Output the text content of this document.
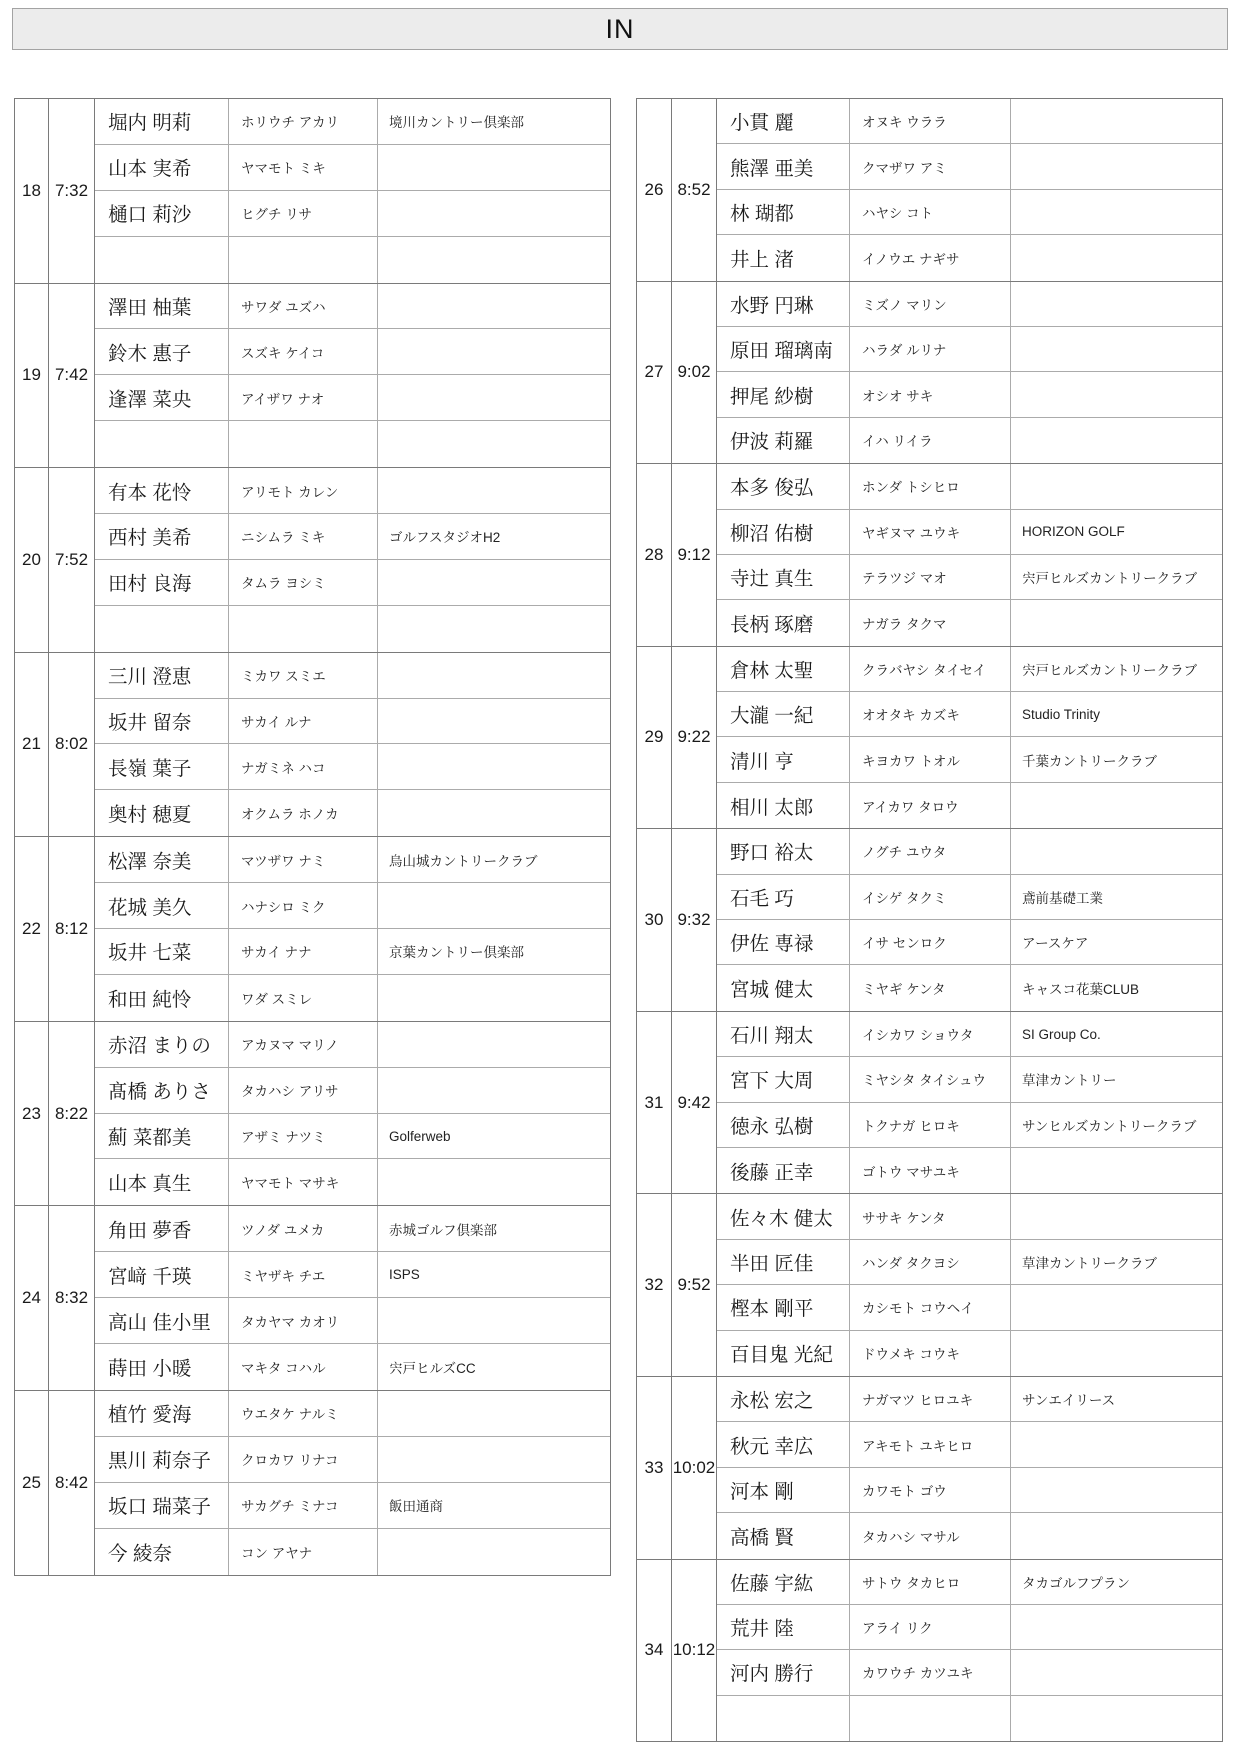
IN
18 7:32
堀内 明莉	ホリウチ アカリ	境川カントリー倶楽部
山本 実希	ヤマモト ミキ
樋口 莉沙	ヒグチ リサ
19 7:42
澤田 柚葉	サワダ ユズハ
鈴木 惠子	スズキ ケイコ
逢澤 菜央	アイザワ ナオ
20 7:52
有本 花怜	アリモト カレン
西村 美希	ニシムラ ミキ	ゴルフスタジオH2
田村 良海	タムラ ヨシミ
21 8:02
三川 澄恵	ミカワ スミエ
坂井 留奈	サカイ ルナ
長嶺 葉子	ナガミネ ハコ
奥村 穂夏	オクムラ ホノカ
22 8:12
松澤 奈美	マツザワ ナミ	烏山城カントリークラブ
花城 美久	ハナシロ ミク
坂井 七菜	サカイ ナナ	京葉カントリー倶楽部
和田 純怜	ワダ スミレ
23 8:22
赤沼 まりの	アカヌマ マリノ
髙橋 ありさ	タカハシ アリサ
薊 菜都美	アザミ ナツミ	Golferweb
山本 真生	ヤマモト マサキ
24 8:32
角田 夢香	ツノダ ユメカ	赤城ゴルフ倶楽部
宮﨑 千瑛	ミヤザキ チエ	ISPS
高山 佳小里	タカヤマ カオリ
蒔田 小暖	マキタ コハル	宍戸ヒルズCC
25 8:42
植竹 愛海	ウエタケ ナルミ
黒川 莉奈子	クロカワ リナコ
坂口 瑞菜子	サカグチ ミナコ	飯田通商
今 綾奈	コン アヤナ
26 8:52
小貫 麗	オヌキ ウララ
熊澤 亜美	クマザワ アミ
林 瑚都	ハヤシ コト
井上 渚	イノウエ ナギサ
27 9:02
水野 円琳	ミズノ マリン
原田 瑠璃南	ハラダ ルリナ
押尾 紗樹	オシオ サキ
伊波 莉羅	イハ リイラ
28 9:12
本多 俊弘	ホンダ トシヒロ
柳沼 佑樹	ヤギヌマ ユウキ	HORIZON GOLF
寺辻 真生	テラツジ マオ	宍戸ヒルズカントリークラブ
長柄 琢磨	ナガラ タクマ
29 9:22
倉林 太聖	クラバヤシ タイセイ	宍戸ヒルズカントリークラブ
大瀧 一紀	オオタキ カズキ	Studio Trinity
清川 亨	キヨカワ トオル	千葉カントリークラブ
相川 太郎	アイカワ タロウ
30 9:32
野口 裕太	ノグチ ユウタ
石毛 巧	イシゲ タクミ	鳶前基礎工業
伊佐 専禄	イサ センロク	アースケア
宮城 健太	ミヤギ ケンタ	キャスコ花葉CLUB
31 9:42
石川 翔太	イシカワ ショウタ	SI Group Co.
宮下 大周	ミヤシタ タイシュウ	草津カントリー
徳永 弘樹	トクナガ ヒロキ	サンヒルズカントリークラブ
後藤 正幸	ゴトウ マサユキ
32 9:52
佐々木 健太	ササキ ケンタ
半田 匠佳	ハンダ タクヨシ	草津カントリークラブ
樫本 剛平	カシモト コウヘイ
百目鬼 光紀	ドウメキ コウキ
33 10:02
永松 宏之	ナガマツ ヒロユキ	サンエイリース
秋元 幸広	アキモト ユキヒロ
河本 剛	カワモト ゴウ
高橋 賢	タカハシ マサル
34 10:12
佐藤 宇紘	サトウ タカヒロ	タカゴルフプラン
荒井 陸	アライ リク
河内 勝行	カワウチ カツユキ
